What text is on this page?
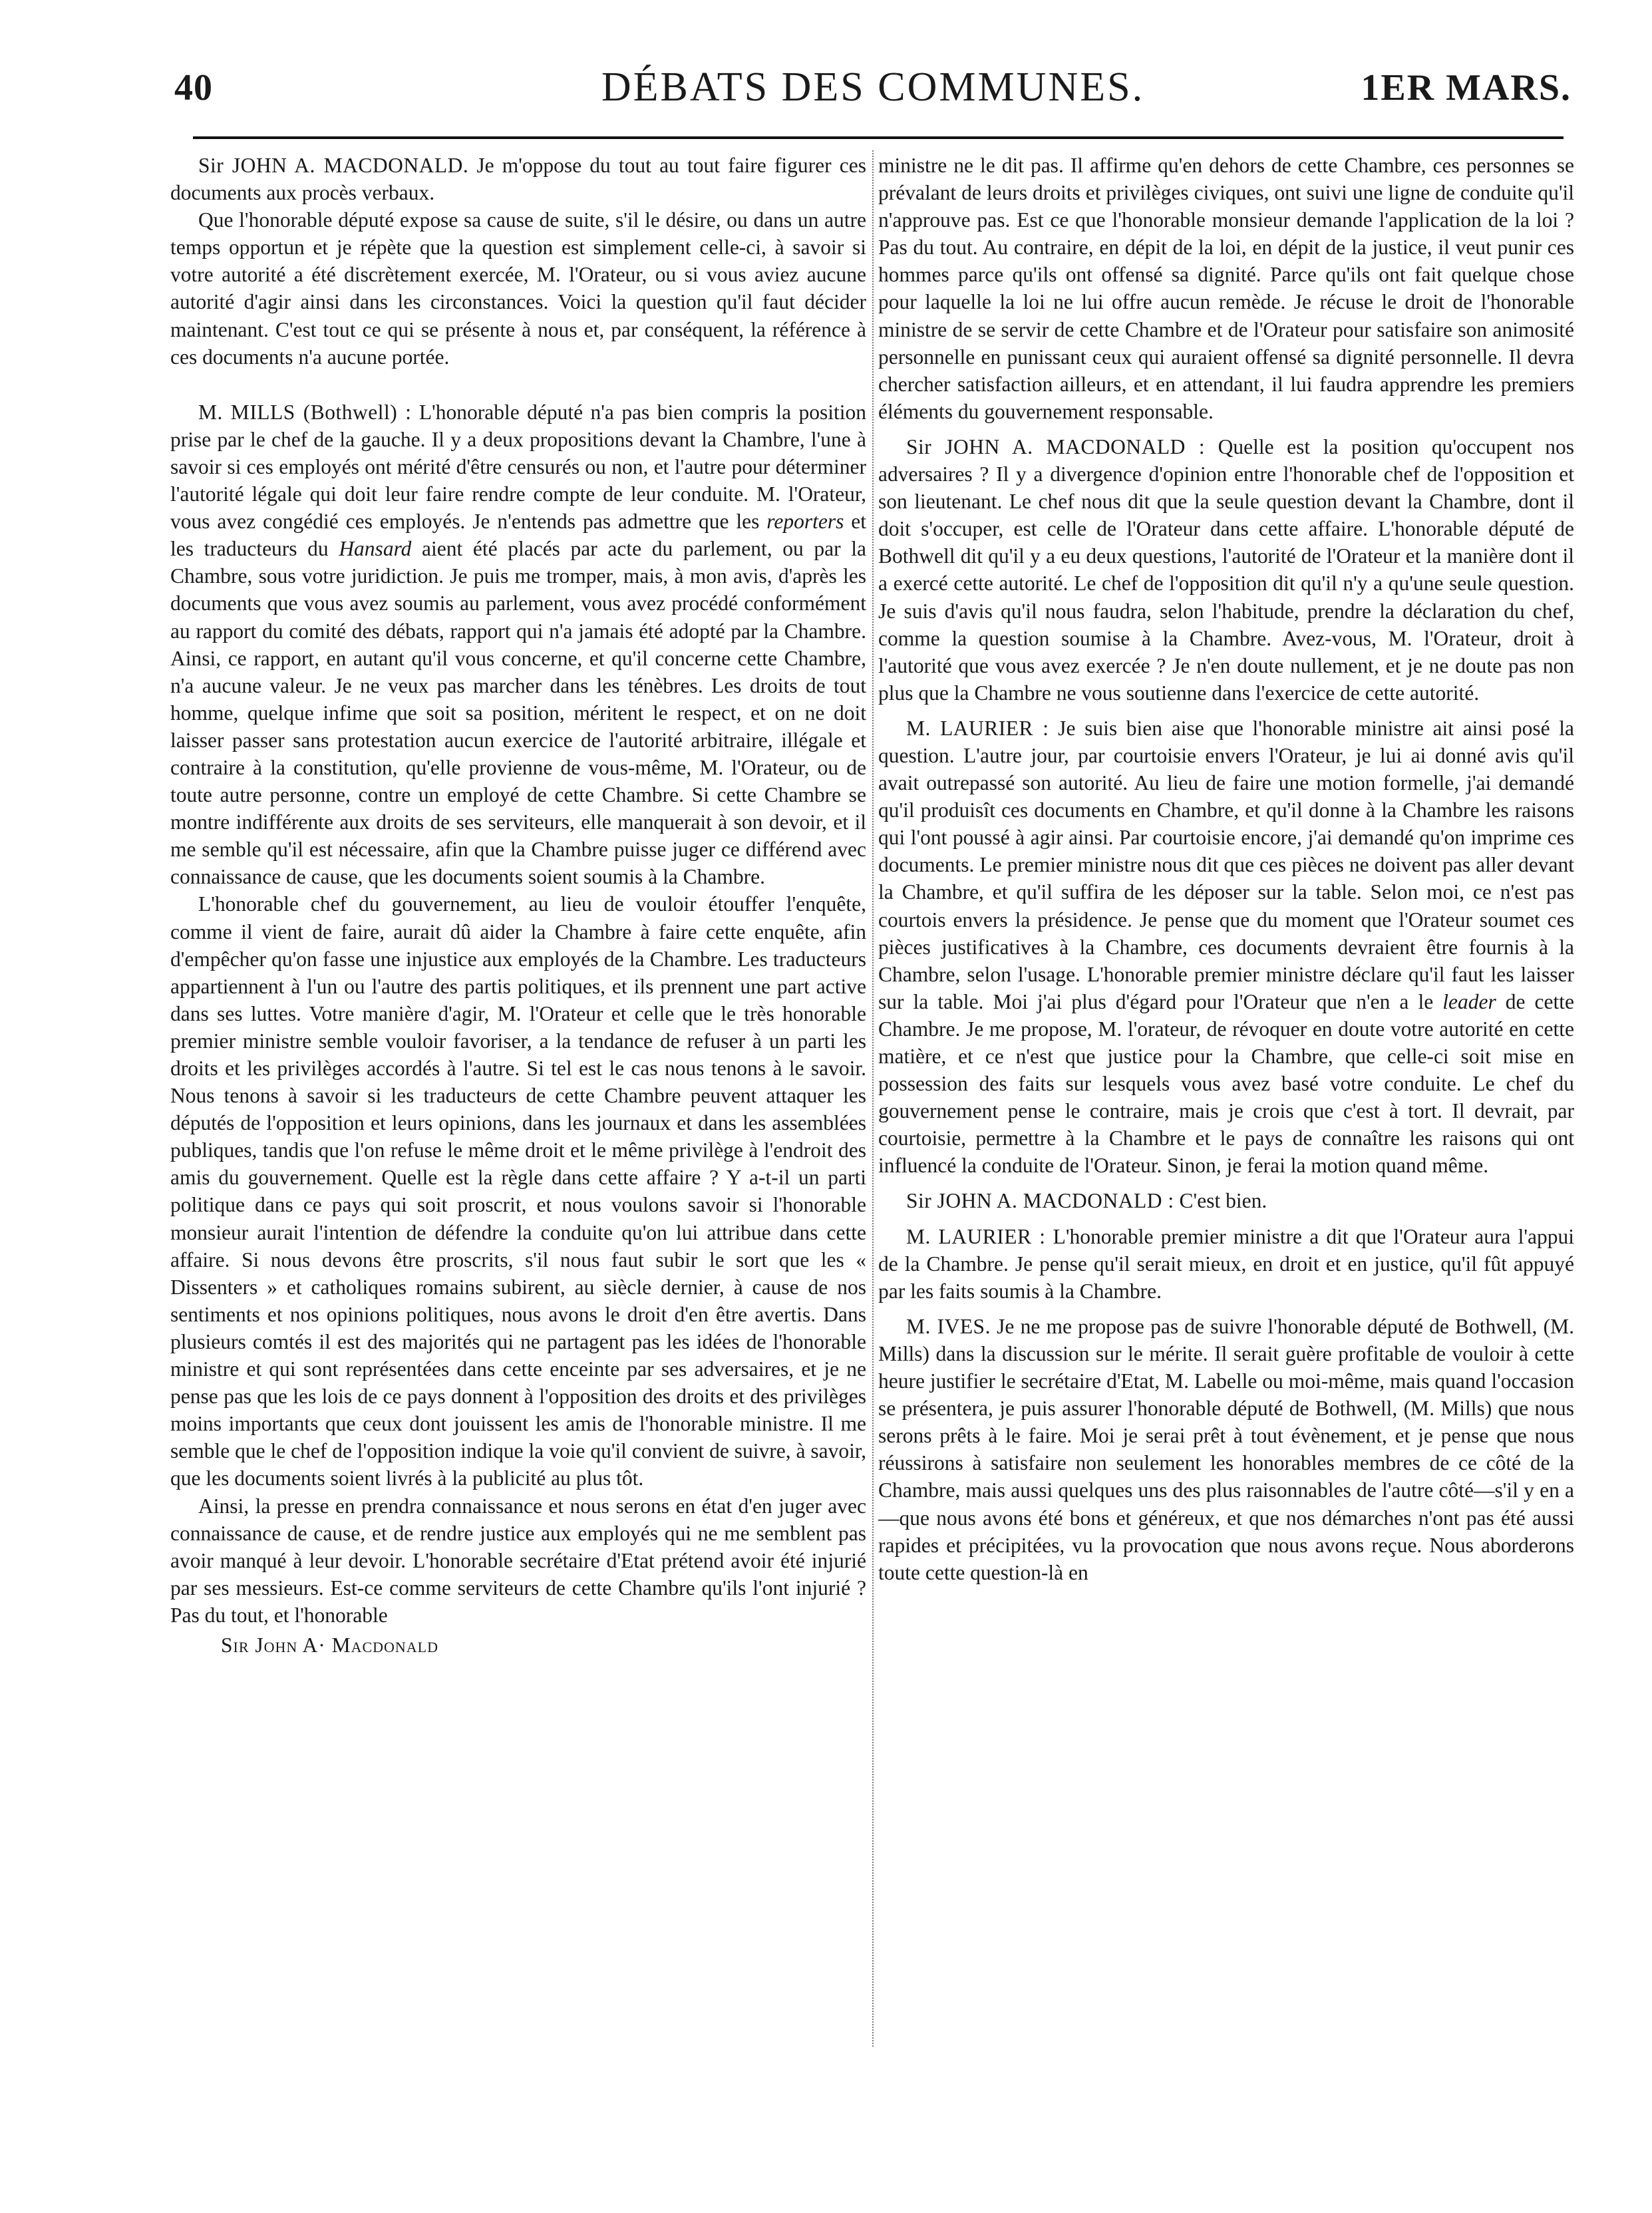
40	DÉBATS DES COMMUNES.	1ER MARS.

Sir JOHN A. MACDONALD. Je m'oppose du tout au tout faire figurer ces documents aux procès verbaux.

Que l'honorable député expose sa cause de suite, s'il le désire, ou dans un autre temps opportun et je répète que la question est simplement celle-ci, à savoir si votre autorité a été discrètement exercée, M. l'Orateur, ou si vous aviez aucune autorité d'agir ainsi dans les circonstances. Voici la question qu'il faut décider maintenant. C'est tout ce qui se présente à nous et, par conséquent, la référence à ces documents n'a aucune portée.

M. MILLS (Bothwell) : L'honorable député n'a pas bien compris la position prise par le chef de la gauche. Il y a deux propositions devant la Chambre, l'une à savoir si ces employés ont mérité d'être censurés ou non, et l'autre pour déterminer l'autorité légale qui doit leur faire rendre compte de leur conduite. M. l'Orateur, vous avez congédié ces employés. Je n'entends pas admettre que les reporters et les traducteurs du Hansard aient été placés par acte du parlement, ou par la Chambre, sous votre juridiction. Je puis me tromper, mais, à mon avis, d'après les documents que vous avez soumis au parlement, vous avez procédé conformément au rapport du comité des débats, rapport qui n'a jamais été adopté par la Chambre. Ainsi, ce rapport, en autant qu'il vous concerne, et qu'il concerne cette Chambre, n'a aucune valeur. Je ne veux pas marcher dans les ténèbres. Les droits de tout homme, quelque infime que soit sa position, méritent le respect, et on ne doit laisser passer sans protestation aucun exercice de l'autorité arbitraire, illégale et contraire à la constitution, qu'elle provienne de vous-même, M. l'Orateur, ou de toute autre personne, contre un employé de cette Chambre. Si cette Chambre se montre indifférente aux droits de ses serviteurs, elle manquerait à son devoir, et il me semble qu'il est nécessaire, afin que la Chambre puisse juger ce différend avec connaissance de cause, que les documents soient soumis à la Chambre.

L'honorable chef du gouvernement, au lieu de vouloir étouffer l'enquête, comme il vient de faire, aurait dû aider la Chambre à faire cette enquête, afin d'empêcher qu'on fasse une injustice aux employés de la Chambre. Les traducteurs appartiennent à l'un ou l'autre des partis politiques, et ils prennent une part active dans ses luttes. Votre manière d'agir, M. l'Orateur et celle que le très honorable premier ministre semble vouloir favoriser, a la tendance de refuser à un parti les droits et les privilèges accordés à l'autre. Si tel est le cas nous tenons à le savoir. Nous tenons à savoir si les traducteurs de cette Chambre peuvent attaquer les députés de l'opposition et leurs opinions, dans les journaux et dans les assemblées publiques, tandis que l'on refuse le même droit et le même privilège à l'endroit des amis du gouvernement. Quelle est la règle dans cette affaire ? Y a-t-il un parti politique dans ce pays qui soit proscrit, et nous voulons savoir si l'honorable monsieur aurait l'intention de défendre la conduite qu'on lui attribue dans cette affaire. Si nous devons être proscrits, s'il nous faut subir le sort que les « Dissenters » et catholiques romains subirent, au siècle dernier, à cause de nos sentiments et nos opinions politiques, nous avons le droit d'en être avertis. Dans plusieurs comtés il est des majorités qui ne partagent pas les idées de l'honorable ministre et qui sont représentées dans cette enceinte par ses adversaires, et je ne pense pas que les lois de ce pays donnent à l'opposition des droits et des privilèges moins importants que ceux dont jouissent les amis de l'honorable ministre. Il me semble que le chef de l'opposition indique la voie qu'il convient de suivre, à savoir, que les documents soient livrés à la publicité au plus tôt.

Ainsi, la presse en prendra connaissance et nous serons en état d'en juger avec connaissance de cause, et de rendre justice aux employés qui ne me semblent pas avoir manqué à leur devoir. L'honorable secrétaire d'Etat prétend avoir été injurié par ses messieurs. Est-ce comme serviteurs de cette Chambre qu'ils l'ont injurié ? Pas du tout, et l'honorable

Sir John A· Macdonald

ministre ne le dit pas. Il affirme qu'en dehors de cette Chambre, ces personnes se prévalant de leurs droits et privilèges civiques, ont suivi une ligne de conduite qu'il n'approuve pas. Est ce que l'honorable monsieur demande l'application de la loi ? Pas du tout. Au contraire, en dépit de la loi, en dépit de la justice, il veut punir ces hommes parce qu'ils ont offensé sa dignité. Parce qu'ils ont fait quelque chose pour laquelle la loi ne lui offre aucun remède. Je récuse le droit de l'honorable ministre de se servir de cette Chambre et de l'Orateur pour satisfaire son animosité personnelle en punissant ceux qui auraient offensé sa dignité personnelle. Il devra chercher satisfaction ailleurs, et en attendant, il lui faudra apprendre les premiers éléments du gouvernement responsable.

Sir JOHN A. MACDONALD : Quelle est la position qu'occupent nos adversaires ? Il y a divergence d'opinion entre l'honorable chef de l'opposition et son lieutenant. Le chef nous dit que la seule question devant la Chambre, dont il doit s'occuper, est celle de l'Orateur dans cette affaire. L'honorable député de Bothwell dit qu'il y a eu deux questions, l'autorité de l'Orateur et la manière dont il a exercé cette autorité. Le chef de l'opposition dit qu'il n'y a qu'une seule question. Je suis d'avis qu'il nous faudra, selon l'habitude, prendre la déclaration du chef, comme la question soumise à la Chambre. Avez-vous, M. l'Orateur, droit à l'autorité que vous avez exercée ? Je n'en doute nullement, et je ne doute pas non plus que la Chambre ne vous soutienne dans l'exercice de cette autorité.

M. LAURIER : Je suis bien aise que l'honorable ministre ait ainsi posé la question. L'autre jour, par courtoisie envers l'Orateur, je lui ai donné avis qu'il avait outrepassé son autorité. Au lieu de faire une motion formelle, j'ai demandé qu'il produisît ces documents en Chambre, et qu'il donne à la Chambre les raisons qui l'ont poussé à agir ainsi. Par courtoisie encore, j'ai demandé qu'on imprime ces documents. Le premier ministre nous dit que ces pièces ne doivent pas aller devant la Chambre, et qu'il suffira de les déposer sur la table. Selon moi, ce n'est pas courtois envers la présidence. Je pense que du moment que l'Orateur soumet ces pièces justificatives à la Chambre, ces documents devraient être fournis à la Chambre, selon l'usage. L'honorable premier ministre déclare qu'il faut les laisser sur la table. Moi j'ai plus d'égard pour l'Orateur que n'en a le leader de cette Chambre. Je me propose, M. l'orateur, de révoquer en doute votre autorité en cette matière, et ce n'est que justice pour la Chambre, que celle-ci soit mise en possession des faits sur lesquels vous avez basé votre conduite. Le chef du gouvernement pense le contraire, mais je crois que c'est à tort. Il devrait, par courtoisie, permettre à la Chambre et le pays de connaître les raisons qui ont influencé la conduite de l'Orateur. Sinon, je ferai la motion quand même.

Sir JOHN A. MACDONALD : C'est bien.

M. LAURIER : L'honorable premier ministre a dit que l'Orateur aura l'appui de la Chambre. Je pense qu'il serait mieux, en droit et en justice, qu'il fût appuyé par les faits soumis à la Chambre.

M. IVES. Je ne me propose pas de suivre l'honorable député de Bothwell, (M. Mills) dans la discussion sur le mérite. Il serait guère profitable de vouloir à cette heure justifier le secrétaire d'Etat, M. Labelle ou moi-même, mais quand l'occasion se présentera, je puis assurer l'honorable député de Bothwell, (M. Mills) que nous serons prêts à le faire. Moi je serai prêt à tout évènement, et je pense que nous réussirons à satisfaire non seulement les honorables membres de ce côté de la Chambre, mais aussi quelques uns des plus raisonnables de l'autre côté—s'il y en a—que nous avons été bons et généreux, et que nos démarches n'ont pas été aussi rapides et précipitées, vu la provocation que nous avons reçue. Nous aborderons toute cette question-là en
